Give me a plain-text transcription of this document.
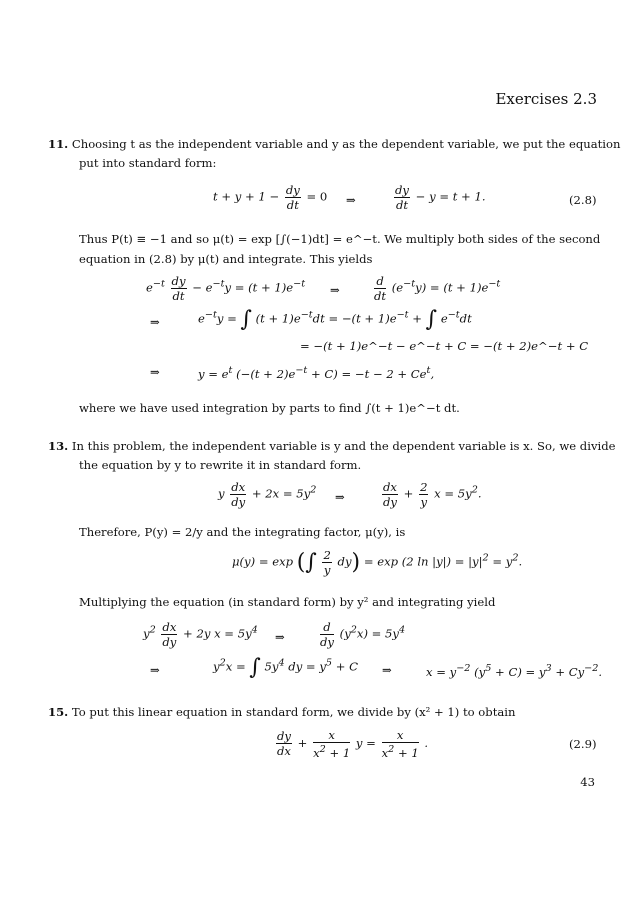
Exercises 2.3
11. Choosing t as the independent variable and y as the dependent variable, we put the equation
put into standard form:
$t + y + 1 - \frac{dy}{dt} = 0$ ⇒	$\frac{dy}{dt} - y = t + 1$.	(2.8)
Thus P(t) ≡ −1 and so μ(t) = exp [∫(−1)dt] = e^−t. We multiply both sides of the second
equation in (2.8) by μ(t) and integrate. This yields
$e^{-t} \frac{dy}{dt} - e^{-t}y = (t + 1)e^{-t}$ ⇒	$\frac{d}{dt} (e^{-t}y) = (t + 1)e^{-t}$
⇒	$e^{-t}y$ = ∫ $(t + 1)e^{-t}dt = -(t + 1)e^{-t}$ + ∫ $e^{-t}dt$
= −(t + 1)e^−t − e^−t + C = −(t + 2)e^−t + C
⇒	$y = e^t$ $(-(t + 2)e^{-t} + C) = -t - 2 + Ce^t$,
where we have used integration by parts to find ∫(t + 1)e^−t dt.
13. In this problem, the independent variable is y and the dependent variable is x. So, we divide
the equation by y to rewrite it in standard form.
y $\frac{dx}{dy} + 2x = 5y^2$ ⇒	$\frac{dx}{dy} + \frac{2}{y}$ $x = 5y^2$.
Therefore, P(y) = 2/y and the integrating factor, μ(y), is
μ(y) = exp (∫ $\frac{2}{y} dy) = \exp (2$ $\ln |y|) = |y|^2 = y^2$.
Multiplying the equation (in standard form) by y² and integrating yield
$y^2 \frac{dx}{dy} + 2y$ $x = 5y^4$ ⇒	$\frac{d}{dy} (y^2x) = 5y^4$
⇒	$y^2x$ = ∫ $5y^4$ dy = $y^5 + C$ ⇒	$x = y^{-2}$ $(y^5 + C) = y^3 + Cy^{-2}$.
15. To put this linear equation in standard form, we divide by (x² + 1) to obtain
$\frac{dy}{dx} + \frac{x}{x^2 + 1}$ $y = \frac{x}{x^2 + 1}$ .	(2.9)
43
